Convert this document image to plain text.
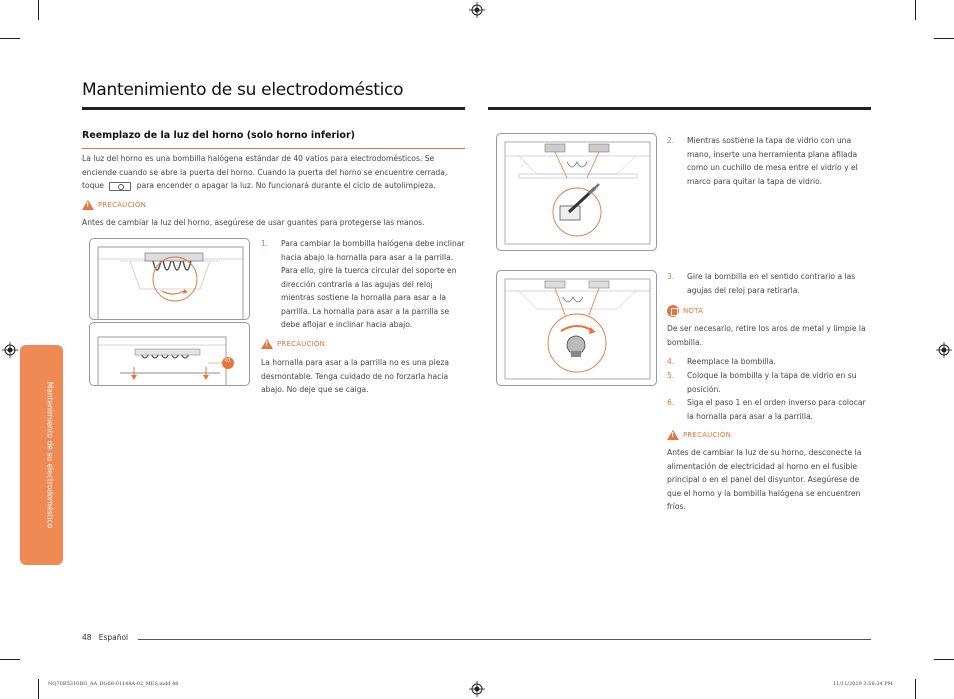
Mantenimiento de su electrodoméstico
Reemplazo de la luz del horno (solo horno inferior)
La luz del horno es una bombilla halógena estándar de 40 vatios para electrodomésticos. Se enciende cuando se abre la puerta del horno. Cuando la puerta del horno se encuentre cerrada, toque	para encender o apagar la luz. No funcionará durante el ciclo de autolimpieza.
!
PRECAUCIÓN
Antes de cambiar la luz del horno, asegúrese de usar guantes para protegerse las manos.
01
1.	Para cambiar la bombilla halógena debe inclinar hacia abajo la hornalla para asar a la parrilla. Para ello, gire la tuerca circular del soporte en dirección contraria a las agujas del reloj mientras sostiene la hornalla para asar a la parrilla. La hornalla para asar a la parrilla se debe aflojar e inclinar hacia abajo.
!
PRECAUCIÓN
La hornalla para asar a la parrilla no es una pieza desmontable. Tenga cuidado de no forzarla hacia abajo. No deje que se caiga.
2.	Mientras sostiene la tapa de vidrio con una mano, inserte una herramienta plana afilada como un cuchillo de mesa entre el vidrio y el marco para quitar la tapa de vidrio.
3.	Gire la bombilla en el sentido contrario a las agujas del reloj para retirarla.
NOTA
De ser necesario, retire los aros de metal y limpie la bombilla.
4.	Reemplace la bombilla.
5.	Coloque la bombilla y la tapa de vidrio en su posición.
6.	Siga el paso 1 en el orden inverso para colocar la hornalla para asar a la parrilla.
!
PRECAUCIÓN
Antes de cambiar la luz de su horno, desconecte la alimentación de electricidad al horno en el fusible principal o en el panel del disyuntor. Asegúrese de que el horno y la bombilla halógena se encuentren fríos.
Mantenimiento de su electrodoméstico
48 Español
NQ70R5310DG_AA_DG68-01148A-02_MES.indd 48	11/11/2019 3:56:34 PM
